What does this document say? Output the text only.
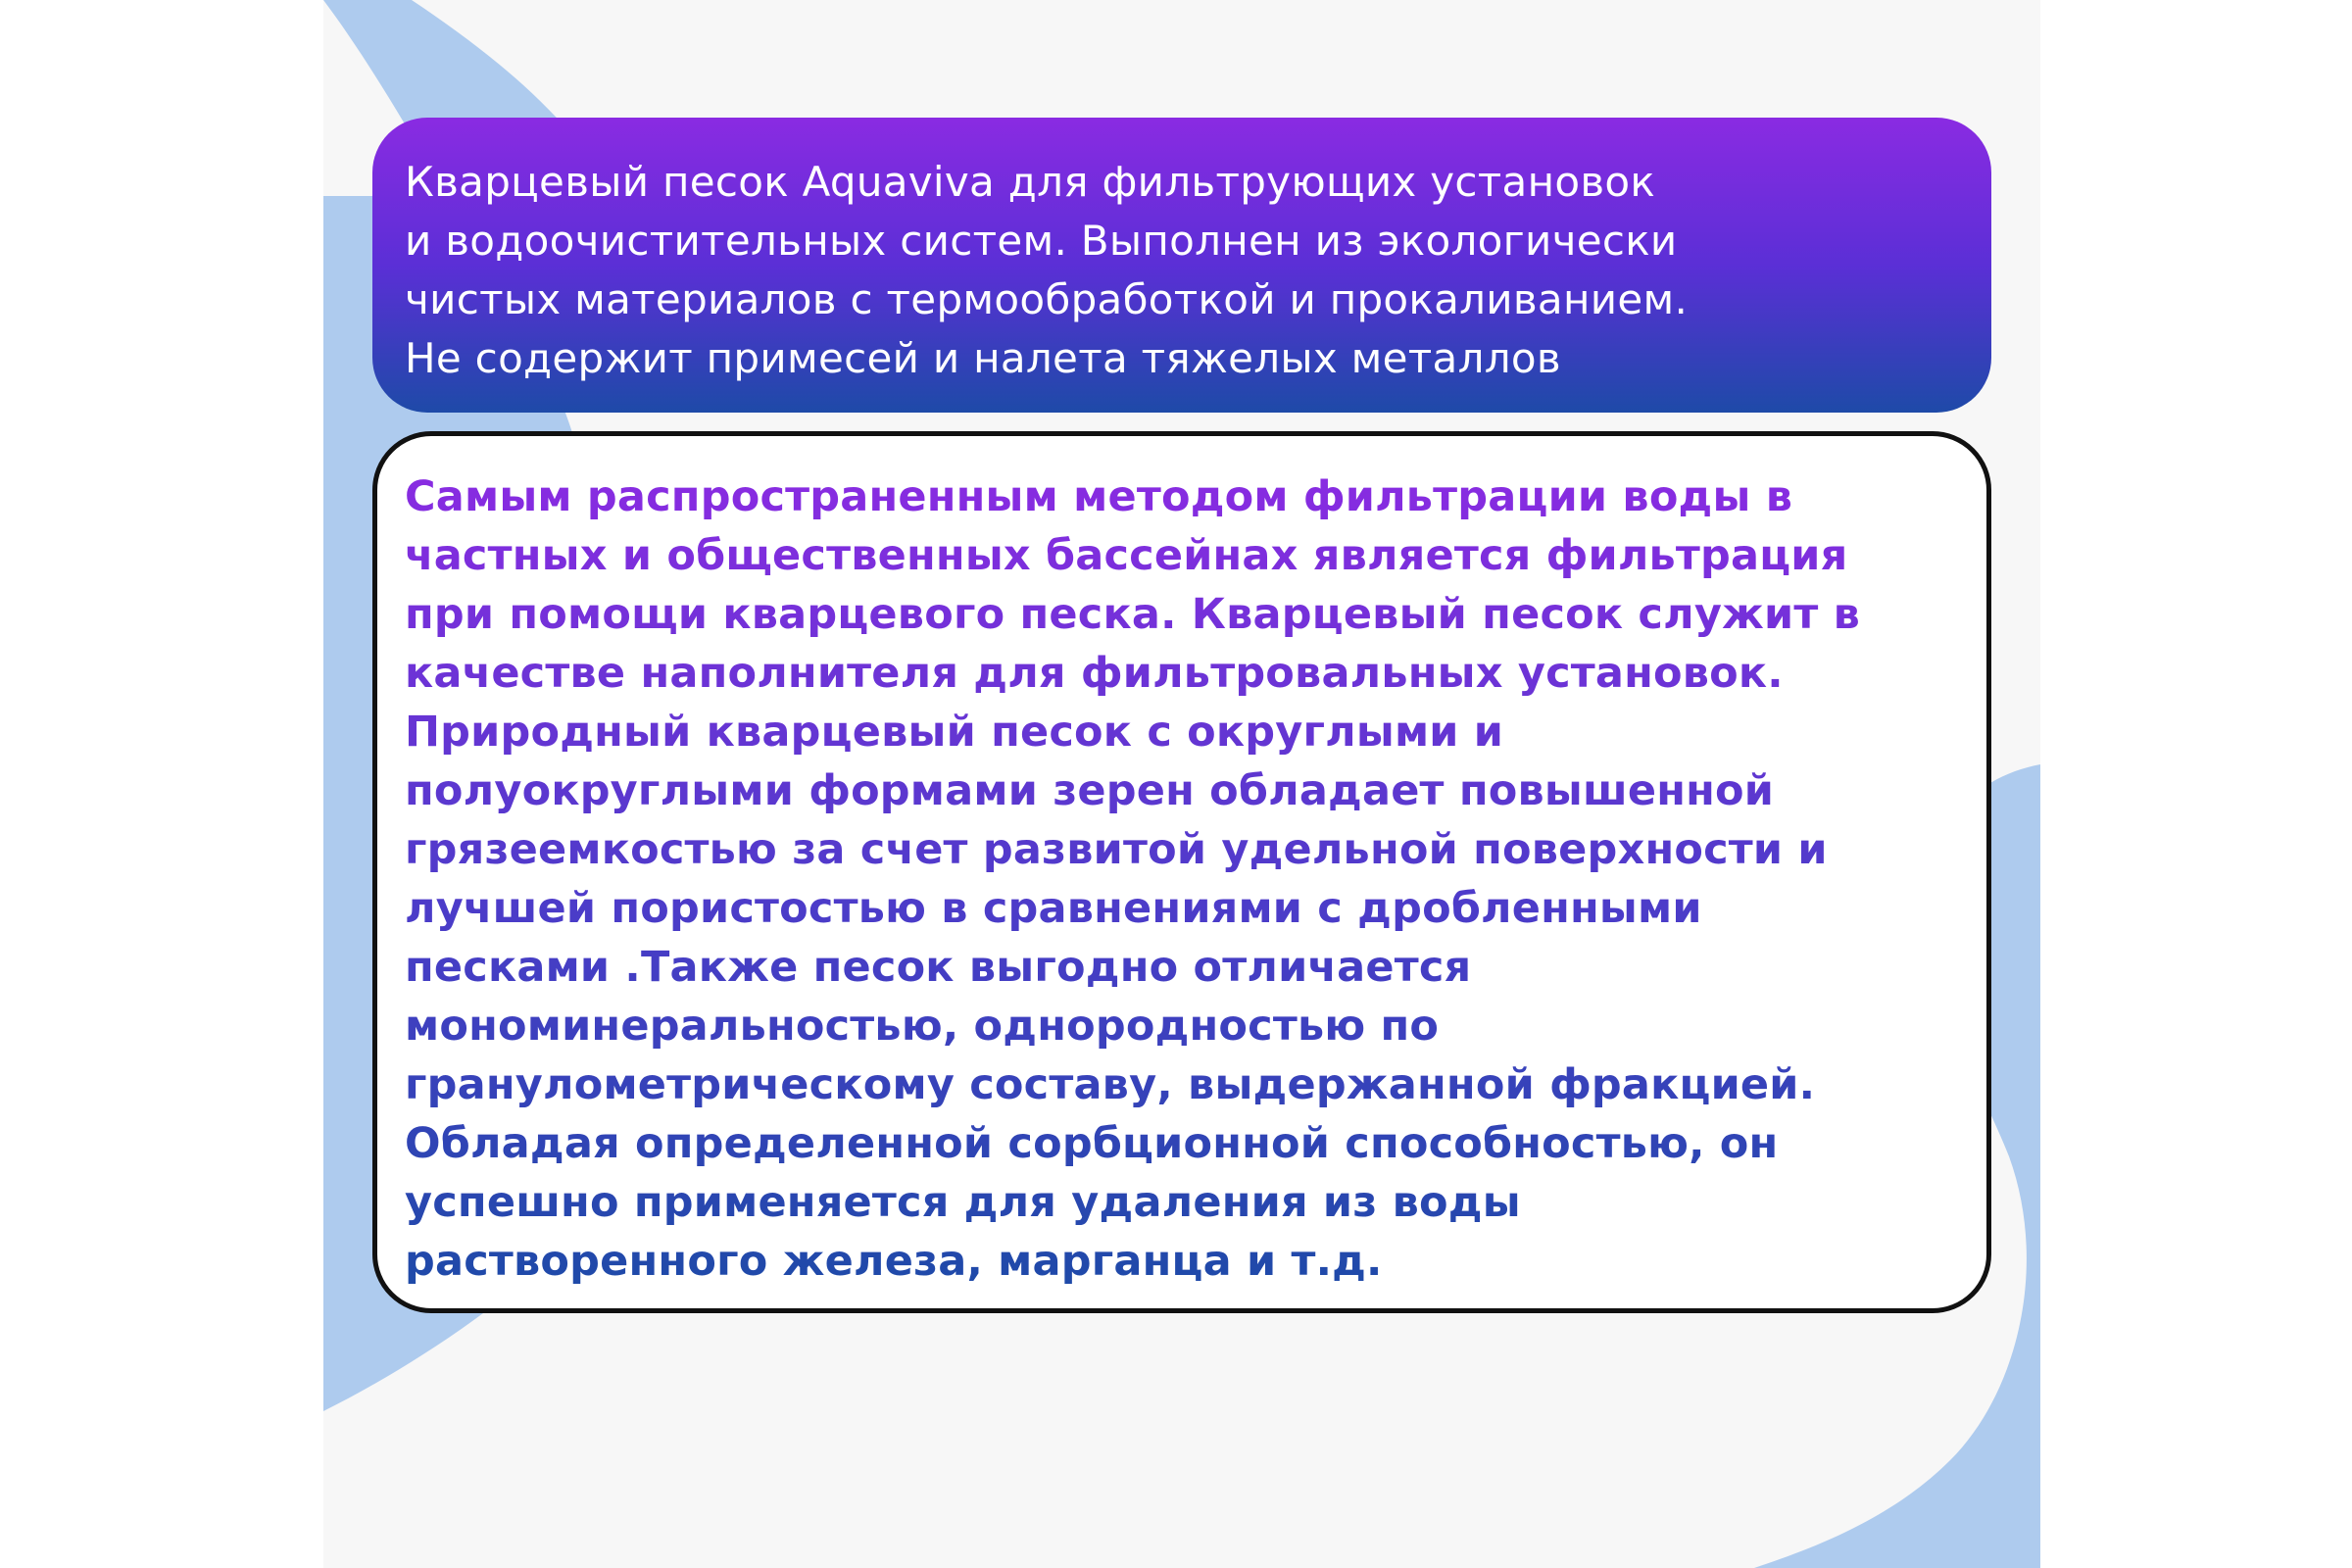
Кварцевый песок Aquaviva для фильтрующих установок
и водоочистительных систем. Выполнен из экологически
чистых материалов с термообработкой и прокаливанием.
Не содержит примесей и налета тяжелых металлов

Самым распространенным методом фильтрации воды в
частных и общественных бассейнах является фильтрация
при помощи кварцевого песка. Кварцевый песок служит в
качестве наполнителя для фильтровальных установок.
Природный кварцевый песок с округлыми и
полуокруглыми формами зерен обладает повышенной
грязеемкостью за счет развитой удельной поверхности и
лучшей пористостью в сравнениями с дробленными
песками .Также песок выгодно отличается
мономинеральностью, однородностью по
гранулометрическому составу, выдержанной фракцией.
Обладая определенной сорбционной способностью, он
успешно применяется для удаления из воды
растворенного железа, марганца и т.д.
